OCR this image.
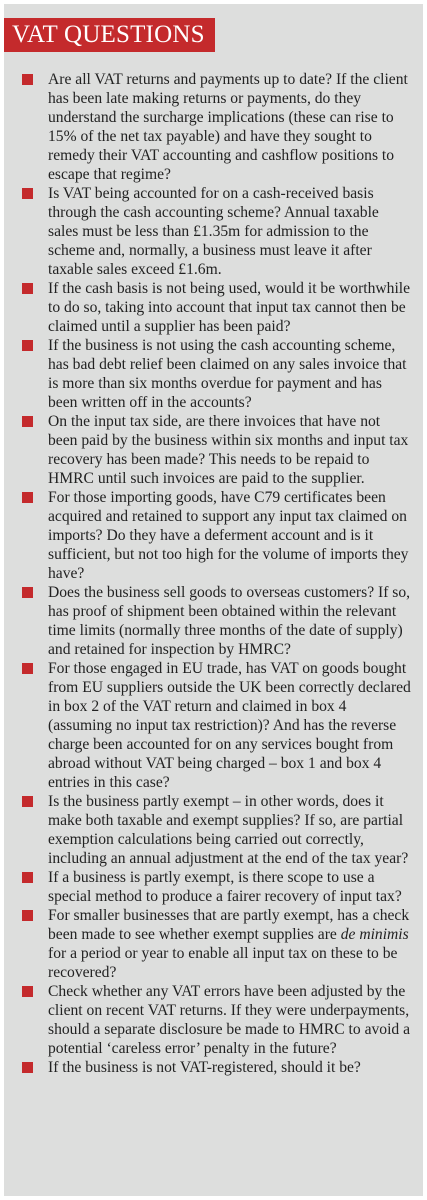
VAT QUESTIONS
Are all VAT returns and payments up to date? If the client has been late making returns or payments, do they understand the surcharge implications (these can rise to 15% of the net tax payable) and have they sought to remedy their VAT accounting and cashflow positions to escape that regime?
Is VAT being accounted for on a cash-received basis through the cash accounting scheme? Annual taxable sales must be less than £1.35m for admission to the scheme and, normally, a business must leave it after taxable sales exceed £1.6m.
If the cash basis is not being used, would it be worthwhile to do so, taking into account that input tax cannot then be claimed until a supplier has been paid?
If the business is not using the cash accounting scheme, has bad debt relief been claimed on any sales invoice that is more than six months overdue for payment and has been written off in the accounts?
On the input tax side, are there invoices that have not been paid by the business within six months and input tax recovery has been made? This needs to be repaid to HMRC until such invoices are paid to the supplier.
For those importing goods, have C79 certificates been acquired and retained to support any input tax claimed on imports? Do they have a deferment account and is it sufficient, but not too high for the volume of imports they have?
Does the business sell goods to overseas customers? If so, has proof of shipment been obtained within the relevant time limits (normally three months of the date of supply) and retained for inspection by HMRC?
For those engaged in EU trade, has VAT on goods bought from EU suppliers outside the UK been correctly declared in box 2 of the VAT return and claimed in box 4 (assuming no input tax restriction)? And has the reverse charge been accounted for on any services bought from abroad without VAT being charged – box 1 and box 4 entries in this case?
Is the business partly exempt – in other words, does it make both taxable and exempt supplies? If so, are partial exemption calculations being carried out correctly, including an annual adjustment at the end of the tax year?
If a business is partly exempt, is there scope to use a special method to produce a fairer recovery of input tax?
For smaller businesses that are partly exempt, has a check been made to see whether exempt supplies are de minimis for a period or year to enable all input tax on these to be recovered?
Check whether any VAT errors have been adjusted by the client on recent VAT returns. If they were underpayments, should a separate disclosure be made to HMRC to avoid a potential ‘careless error’ penalty in the future?
If the business is not VAT-registered, should it be?
